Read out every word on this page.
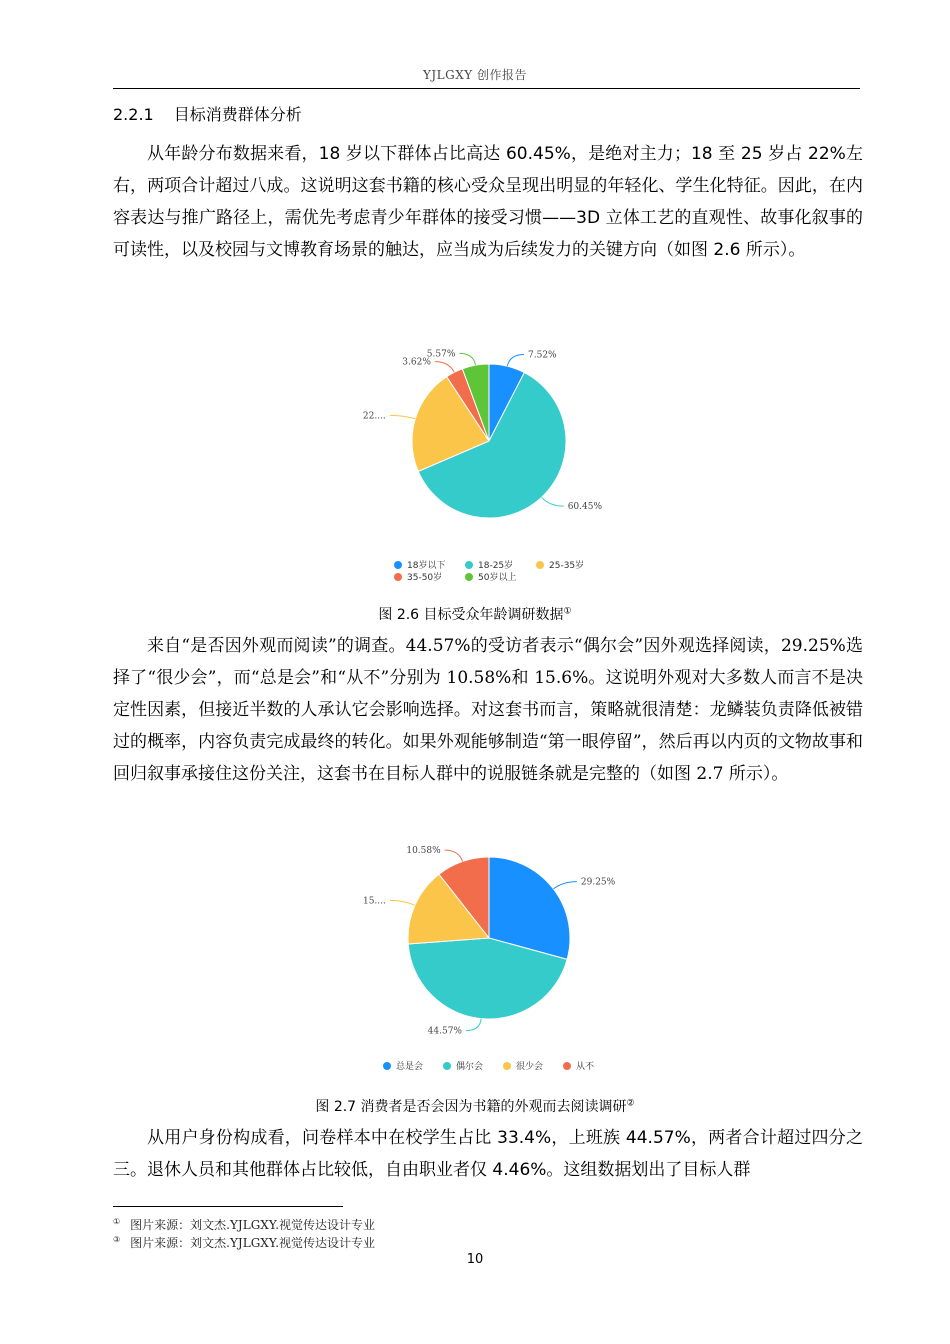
YJLGXY 创作报告
2.2.1 目标消费群体分析

从年龄分布数据来看，18 岁以下群体占比高达 60.45%，是绝对主力；18 至 25 岁占 22%左右，两项合计超过八成。这说明这套书籍的核心受众呈现出明显的年轻化、学生化特征。因此，在内容表达与推广路径上，需优先考虑青少年群体的接受习惯——3D 立体工艺的直观性、故事化叙事的可读性，以及校园与文博教育场景的触达，应当成为后续发力的关键方向（如图 2.6 所示）。

7.52%
60.45%
22....
3.62%
5.57%
18岁以下	18-25岁	25-35岁
35-50岁	50岁以上
图 2.6 目标受众年龄调研数据①

来自“是否因外观而阅读”的调查。44.57%的受访者表示“偶尔会”因外观选择阅读，29.25%选择了“很少会”，而“总是会”和“从不”分别为 10.58%和 15.6%。这说明外观对大多数人而言不是决定性因素，但接近半数的人承认它会影响选择。对这套书而言，策略就很清楚：龙鳞装负责降低被错过的概率，内容负责完成最终的转化。如果外观能够制造“第一眼停留”，然后再以内页的文物故事和回归叙事承接住这份关注，这套书在目标人群中的说服链条就是完整的（如图 2.7 所示）。

29.25%
44.57%
15....
10.58%
总是会	偶尔会	很少会	从不
图 2.7 消费者是否会因为书籍的外观而去阅读调研②

从用户身份构成看，问卷样本中在校学生占比 33.4%，上班族 44.57%，两者合计超过四分之三。退休人员和其他群体占比较低，自由职业者仅 4.46%。这组数据划出了目标人群

① 图片来源：刘文杰.YJLGXY.视觉传达设计专业
③ 图片来源：刘文杰.YJLGXY.视觉传达设计专业
10
